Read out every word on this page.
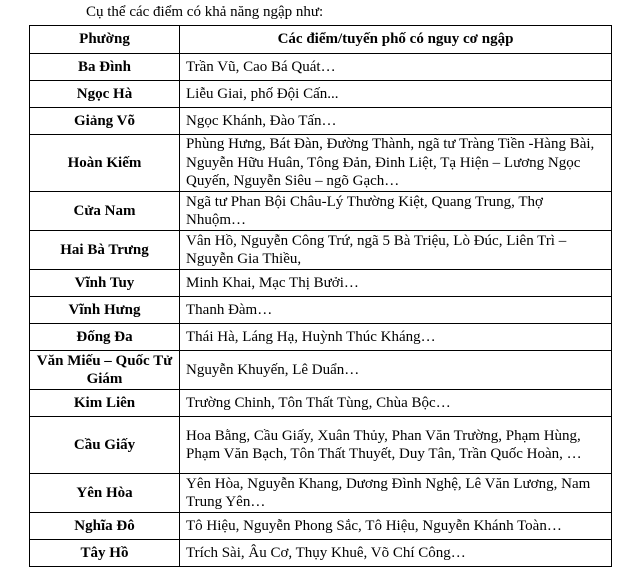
Cụ thể các điểm có khả năng ngập như:
Phường	Các điểm/tuyến phố có nguy cơ ngập
Ba Đình	Trần Vũ, Cao Bá Quát…
Ngọc Hà	Liễu Giai, phố Đội Cấn...
Giảng Võ	Ngọc Khánh, Đào Tấn…
Hoàn Kiếm	Phùng Hưng, Bát Đàn, Đường Thành, ngã tư Tràng Tiền -Hàng Bài, Nguyễn Hữu Huân, Tông Đản, Đinh Liệt, Tạ Hiện – Lương Ngọc Quyến, Nguyễn Siêu – ngõ Gạch…
Cửa Nam	Ngã tư Phan Bội Châu-Lý Thường Kiệt, Quang Trung, Thợ Nhuộm…
Hai Bà Trưng	Vân Hồ, Nguyễn Công Trứ, ngã 5 Bà Triệu, Lò Đúc, Liên Trì – Nguyễn Gia Thiều,
Vĩnh Tuy	Minh Khai, Mạc Thị Bưởi…
Vĩnh Hưng	Thanh Đàm…
Đống Đa	Thái Hà, Láng Hạ, Huỳnh Thúc Kháng…
Văn Miếu – Quốc Tử Giám	Nguyễn Khuyến, Lê Duẩn…
Kim Liên	Trường Chinh, Tôn Thất Tùng, Chùa Bộc…
Cầu Giấy	Hoa Bằng, Cầu Giấy, Xuân Thủy, Phan Văn Trường, Phạm Hùng, Phạm Văn Bạch, Tôn Thất Thuyết, Duy Tân, Trần Quốc Hoàn, …
Yên Hòa	Yên Hòa, Nguyễn Khang, Dương Đình Nghệ, Lê Văn Lương, Nam Trung Yên…
Nghĩa Đô	Tô Hiệu, Nguyễn Phong Sắc, Tô Hiệu, Nguyễn Khánh Toàn…
Tây Hồ	Trích Sài, Âu Cơ, Thụy Khuê, Võ Chí Công…
